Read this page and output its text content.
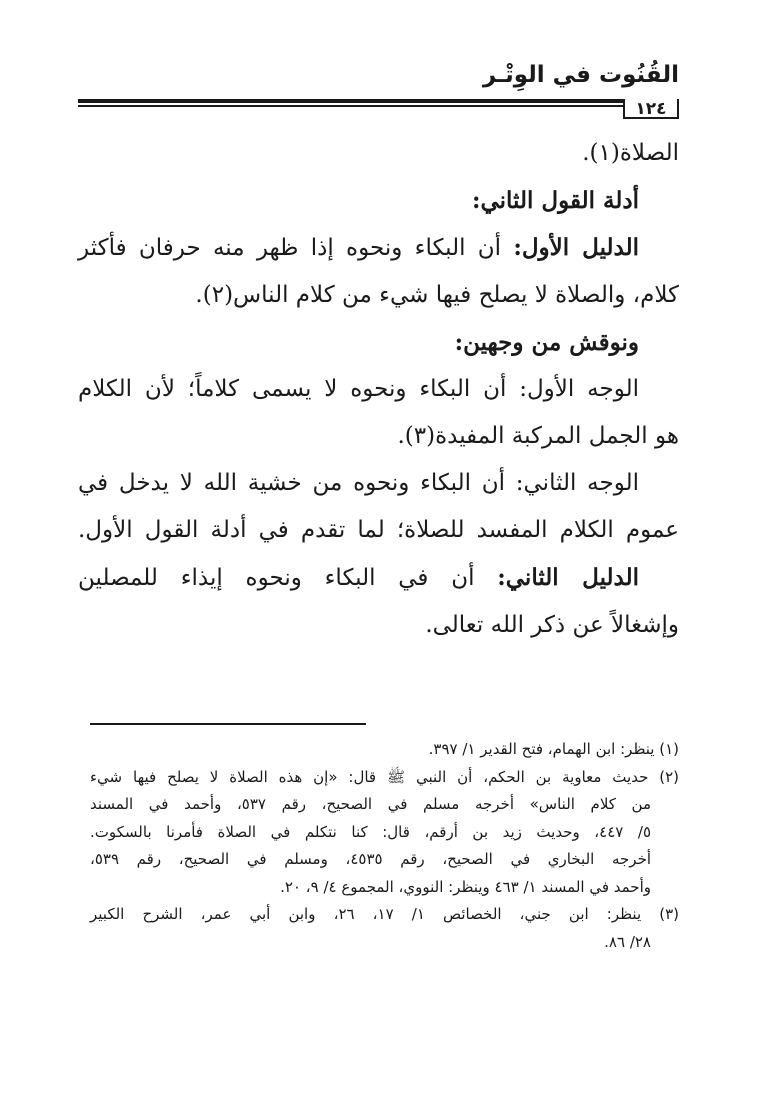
القُنُوت في الوِتْـر
١٢٤
الصلاة(١).
أدلة القول الثاني:
الدليل الأول: أن البكاء ونحوه إذا ظهر منه حرفان فأكثر
كلام، والصلاة لا يصلح فيها شيء من كلام الناس(٢).
ونوقش من وجهين:
الوجه الأول: أن البكاء ونحوه لا يسمى كلاماً؛ لأن الكلام
هو الجمل المركبة المفيدة(٣).
الوجه الثاني: أن البكاء ونحوه من خشية الله لا يدخل في
عموم الكلام المفسد للصلاة؛ لما تقدم في أدلة القول الأول.
الدليل الثاني: أن في البكاء ونحوه إيذاء للمصلين
وإشغالاً عن ذكر الله تعالى.
(١) ينظر: ابن الهمام، فتح القدير ١/ ٣٩٧.
(٢) حديث معاوية بن الحكم، أن النبي ﷺ قال: «إن هذه الصلاة لا يصلح فيها شيء
من كلام الناس» أخرجه مسلم في الصحيح، رقم ٥٣٧، وأحمد في المسند
٥/ ٤٤٧، وحديث زيد بن أرقم، قال: كنا نتكلم في الصلاة فأمرنا بالسكوت.
أخرجه البخاري في الصحيح، رقم ٤٥٣٥، ومسلم في الصحيح، رقم ٥٣٩،
وأحمد في المسند ١/ ٤٦٣ وينظر: النووي، المجموع ٤/ ٩، ٢٠.
(٣) ينظر: ابن جني، الخصائص ١/ ١٧، ٢٦، وابن أبي عمر، الشرح الكبير
٢٨/ ٨٦.
